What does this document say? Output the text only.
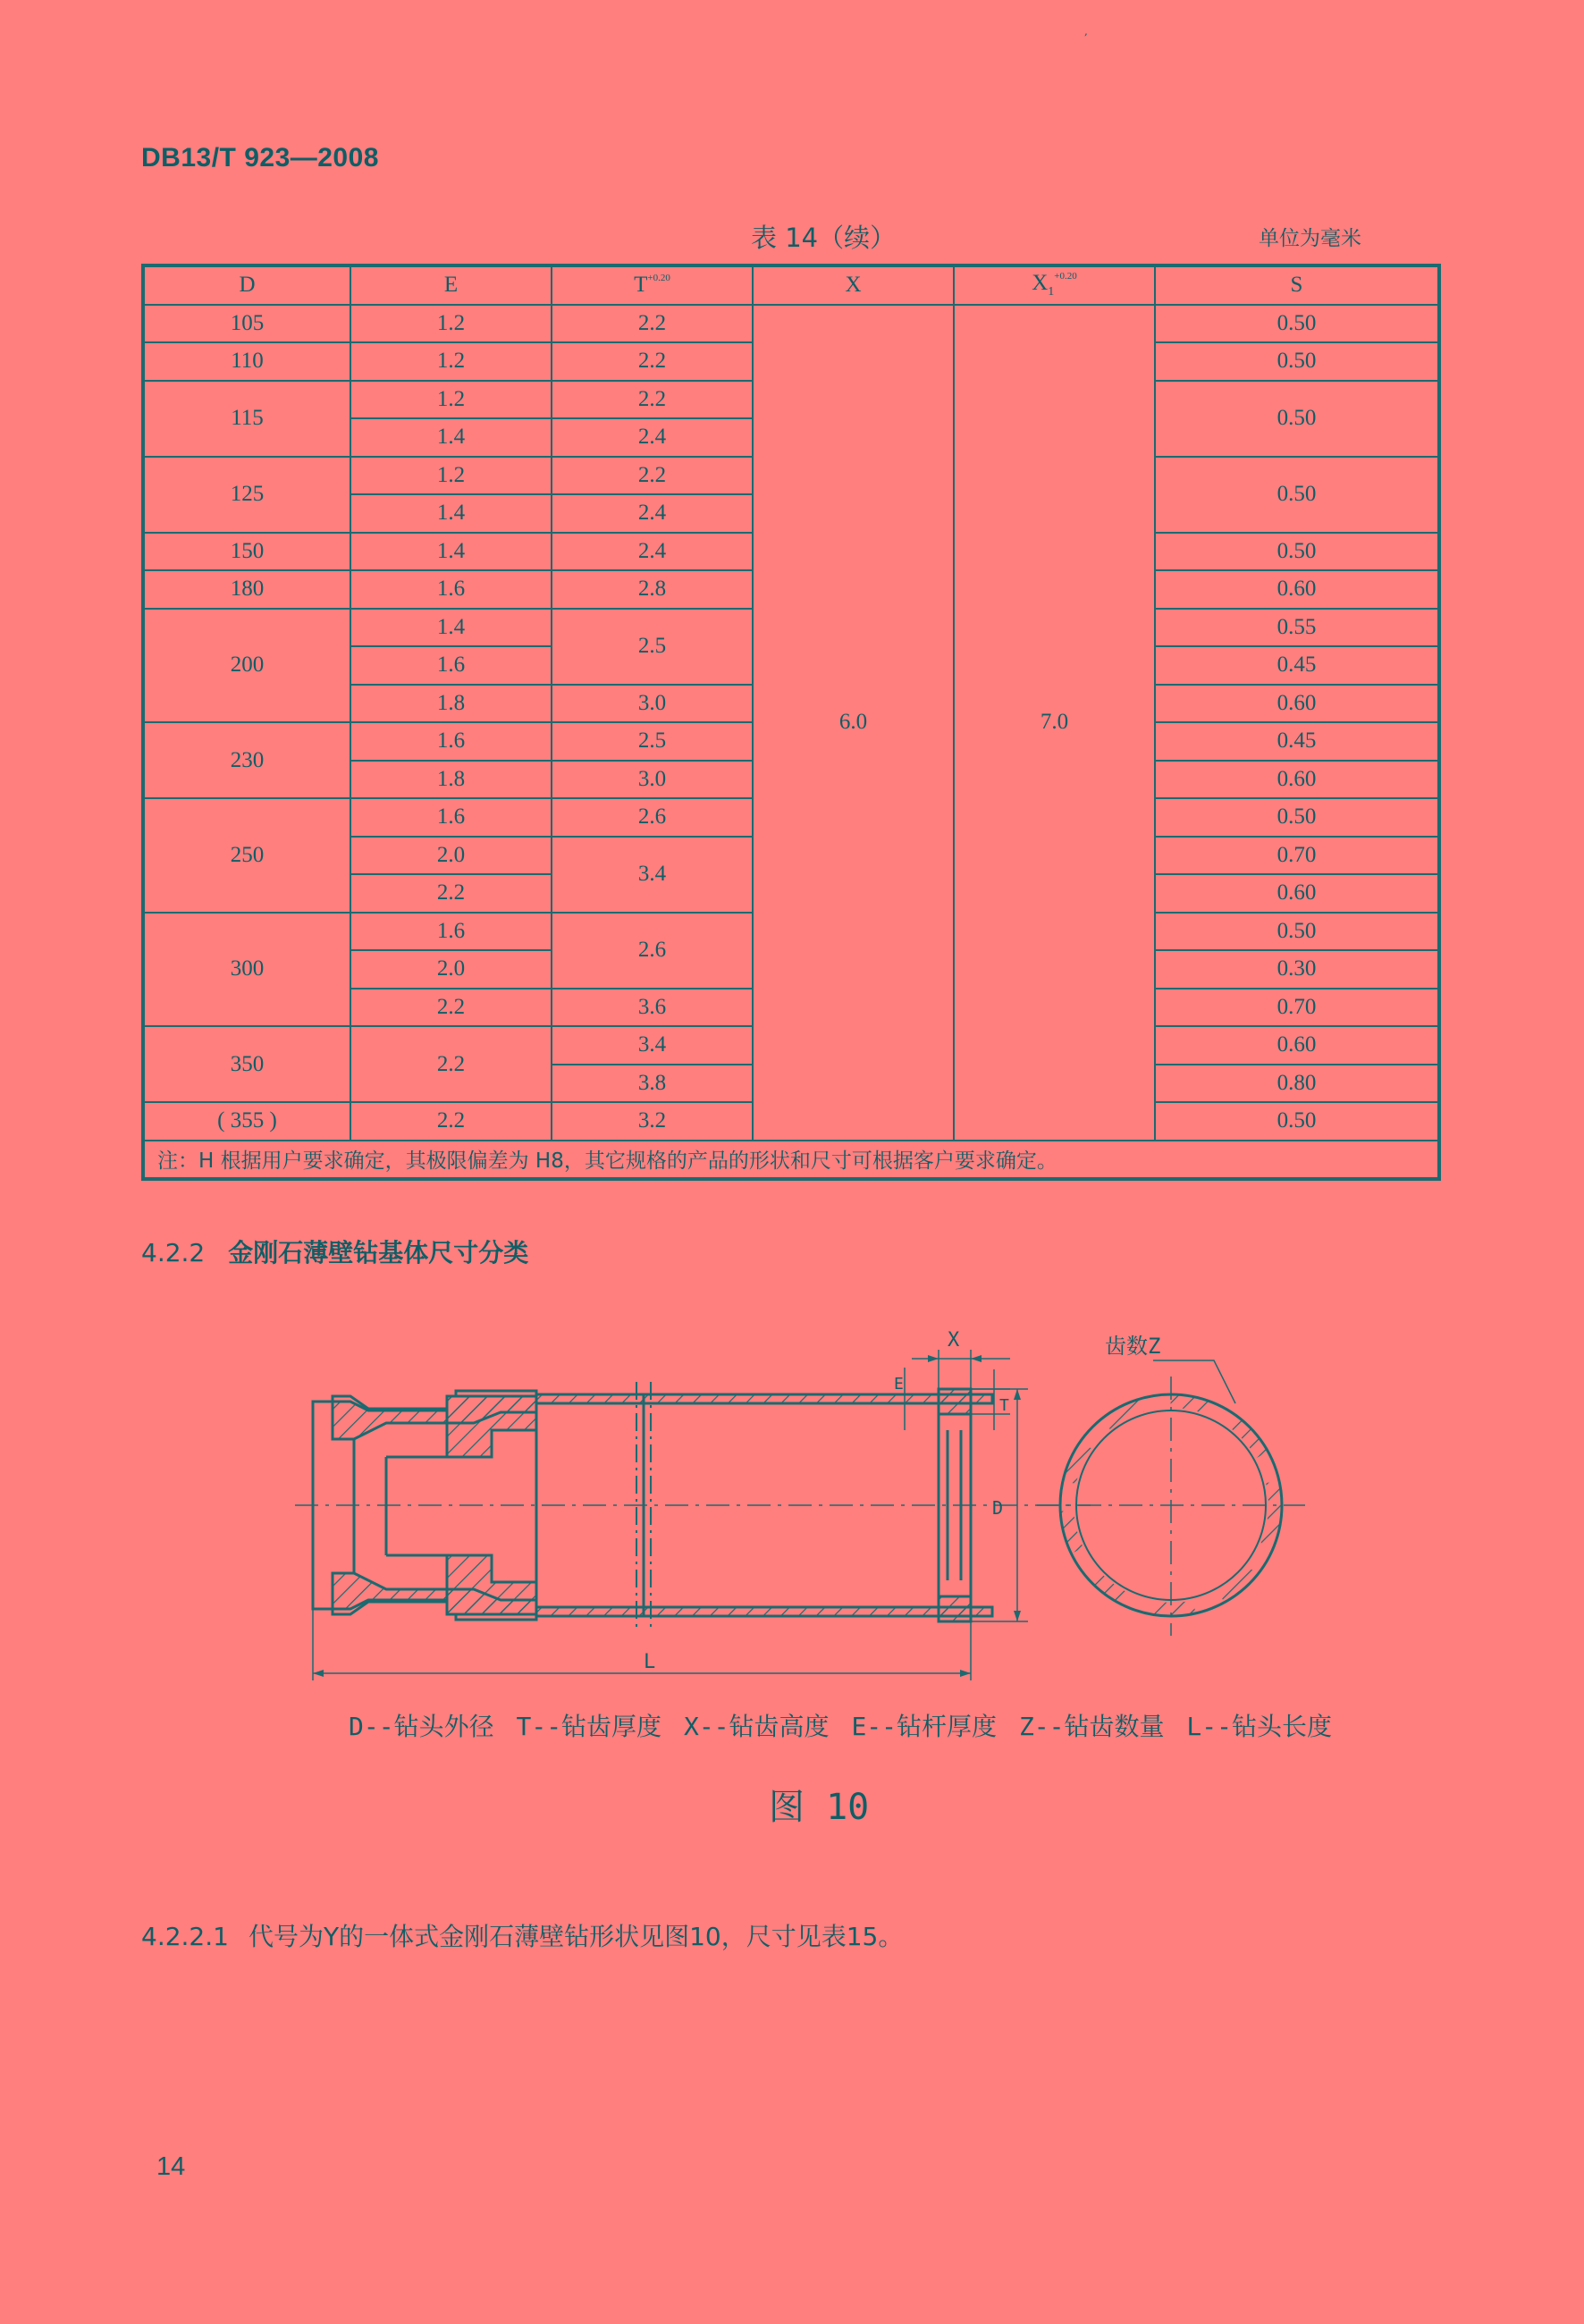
,
DB13/T 923—2008
表 14（续）	单位为毫米
D	E	$T^{+0.20}$	X	$X_1^{+0.20}$	S
105	1.2	2.2	6.0	7.0	0.50
110	1.2	2.2			0.50
115	1.2	2.2			0.50
	1.4	2.4			
125	1.2	2.2			0.50
	1.4	2.4			
150	1.4	2.4			0.50
180	1.6	2.8			0.60
200	1.4	2.5			0.55
	1.6				0.45
	1.8	3.0			0.60
230	1.6	2.5			0.45
	1.8	3.0			0.60
250	1.6	2.6			0.50
	2.0	3.4			0.70
	2.2				0.60
300	1.6	2.6			0.50
	2.0				0.30
	2.2	3.6			0.70
350	2.2	3.4			0.60
		3.8			0.80
( 355 )	2.2	3.2			0.50
注：H 根据用户要求确定，其极限偏差为 H8，其它规格的产品的形状和尺寸可根据客户要求确定。					
4.2.2 金刚石薄壁钻基体尺寸分类
X
E
T
D
L
齿数Z
D--钻头外径 T--钻齿厚度 X--钻齿高度 E--钻杆厚度 Z--钻齿数量 L--钻头长度
图 10
4.2.2.1 代号为Y的一体式金刚石薄壁钻形状见图10，尺寸见表15。
14
